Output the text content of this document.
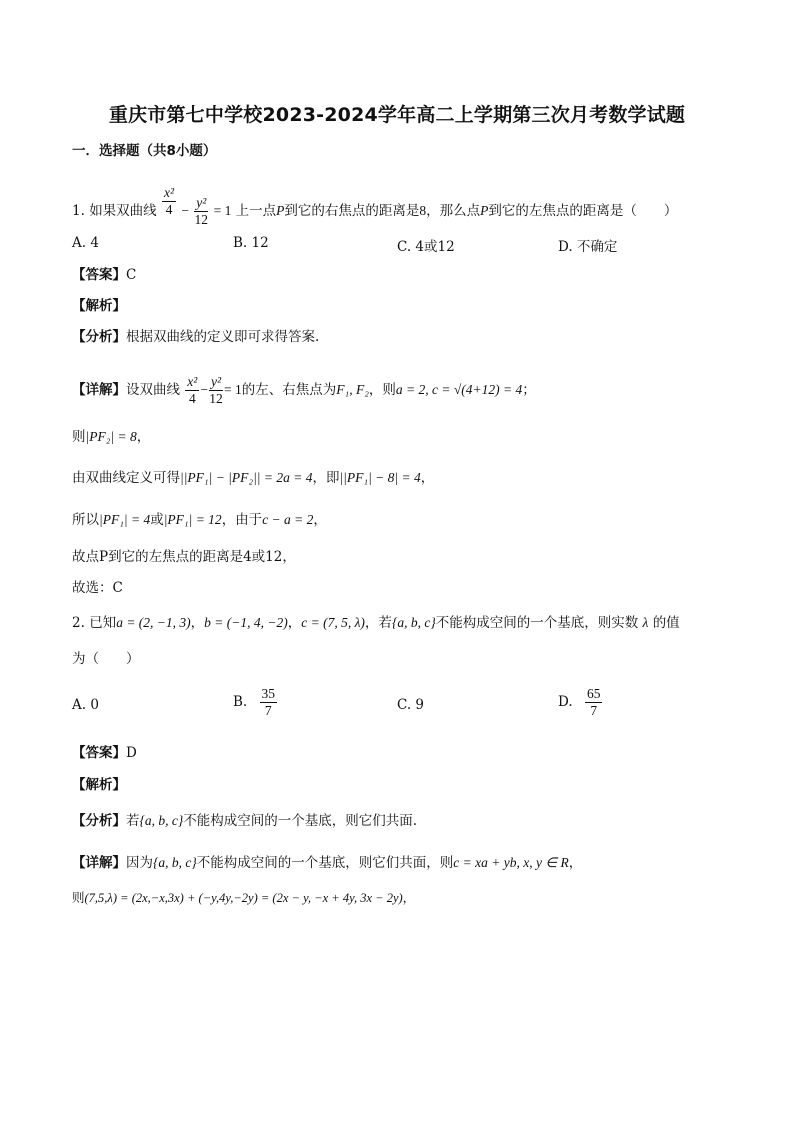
重庆市第七中学校2023-2024学年高二上学期第三次月考数学试题
一．选择题（共8小题）
1. 如果双曲线 $\frac{\text{x²}}{4} - \frac{\text{y²}}{12} = 1$ 上一点P到它的右焦点的距离是8，那么点P到它的左焦点的距离是（　　）
A. 4	B. 12	C. 4或12	D. 不确定
【答案】C
【解析】
【分析】根据双曲线的定义即可求得答案.
【详解】设双曲线 $\frac{\text{x²}}{4} - \frac{\text{y²}}{12} = 1$的左、右焦点为F₁, F₂，则a = 2, c = √(4+12) = 4；
则|PF₂| = 8，
由双曲线定义可得||PF₁| − |PF₂|| = 2a = 4，即||PF₁| − 8| = 4，
所以|PF₁| = 4或|PF₁| = 12，由于c − a = 2，
故点P到它的左焦点的距离是4或12，
故选：C
2. 已知a = (2, −1, 3)，b = (−1, 4, −2)，c = (7, 5, λ)，若{a, b, c}不能构成空间的一个基底，则实数 λ 的值
为（　　）
A. 0	B. $\frac{35}{7}$	C. 9	D. $\frac{65}{7}$
【答案】D
【解析】
【分析】若{a, b, c}不能构成空间的一个基底，则它们共面.
【详解】因为{a, b, c}不能构成空间的一个基底，则它们共面，则c = xa + yb, x, y ∈ R，
则(7,5,λ) = (2x,−x,3x) + (−y,4y,−2y) = (2x − y, −x + 4y, 3x − 2y)，
